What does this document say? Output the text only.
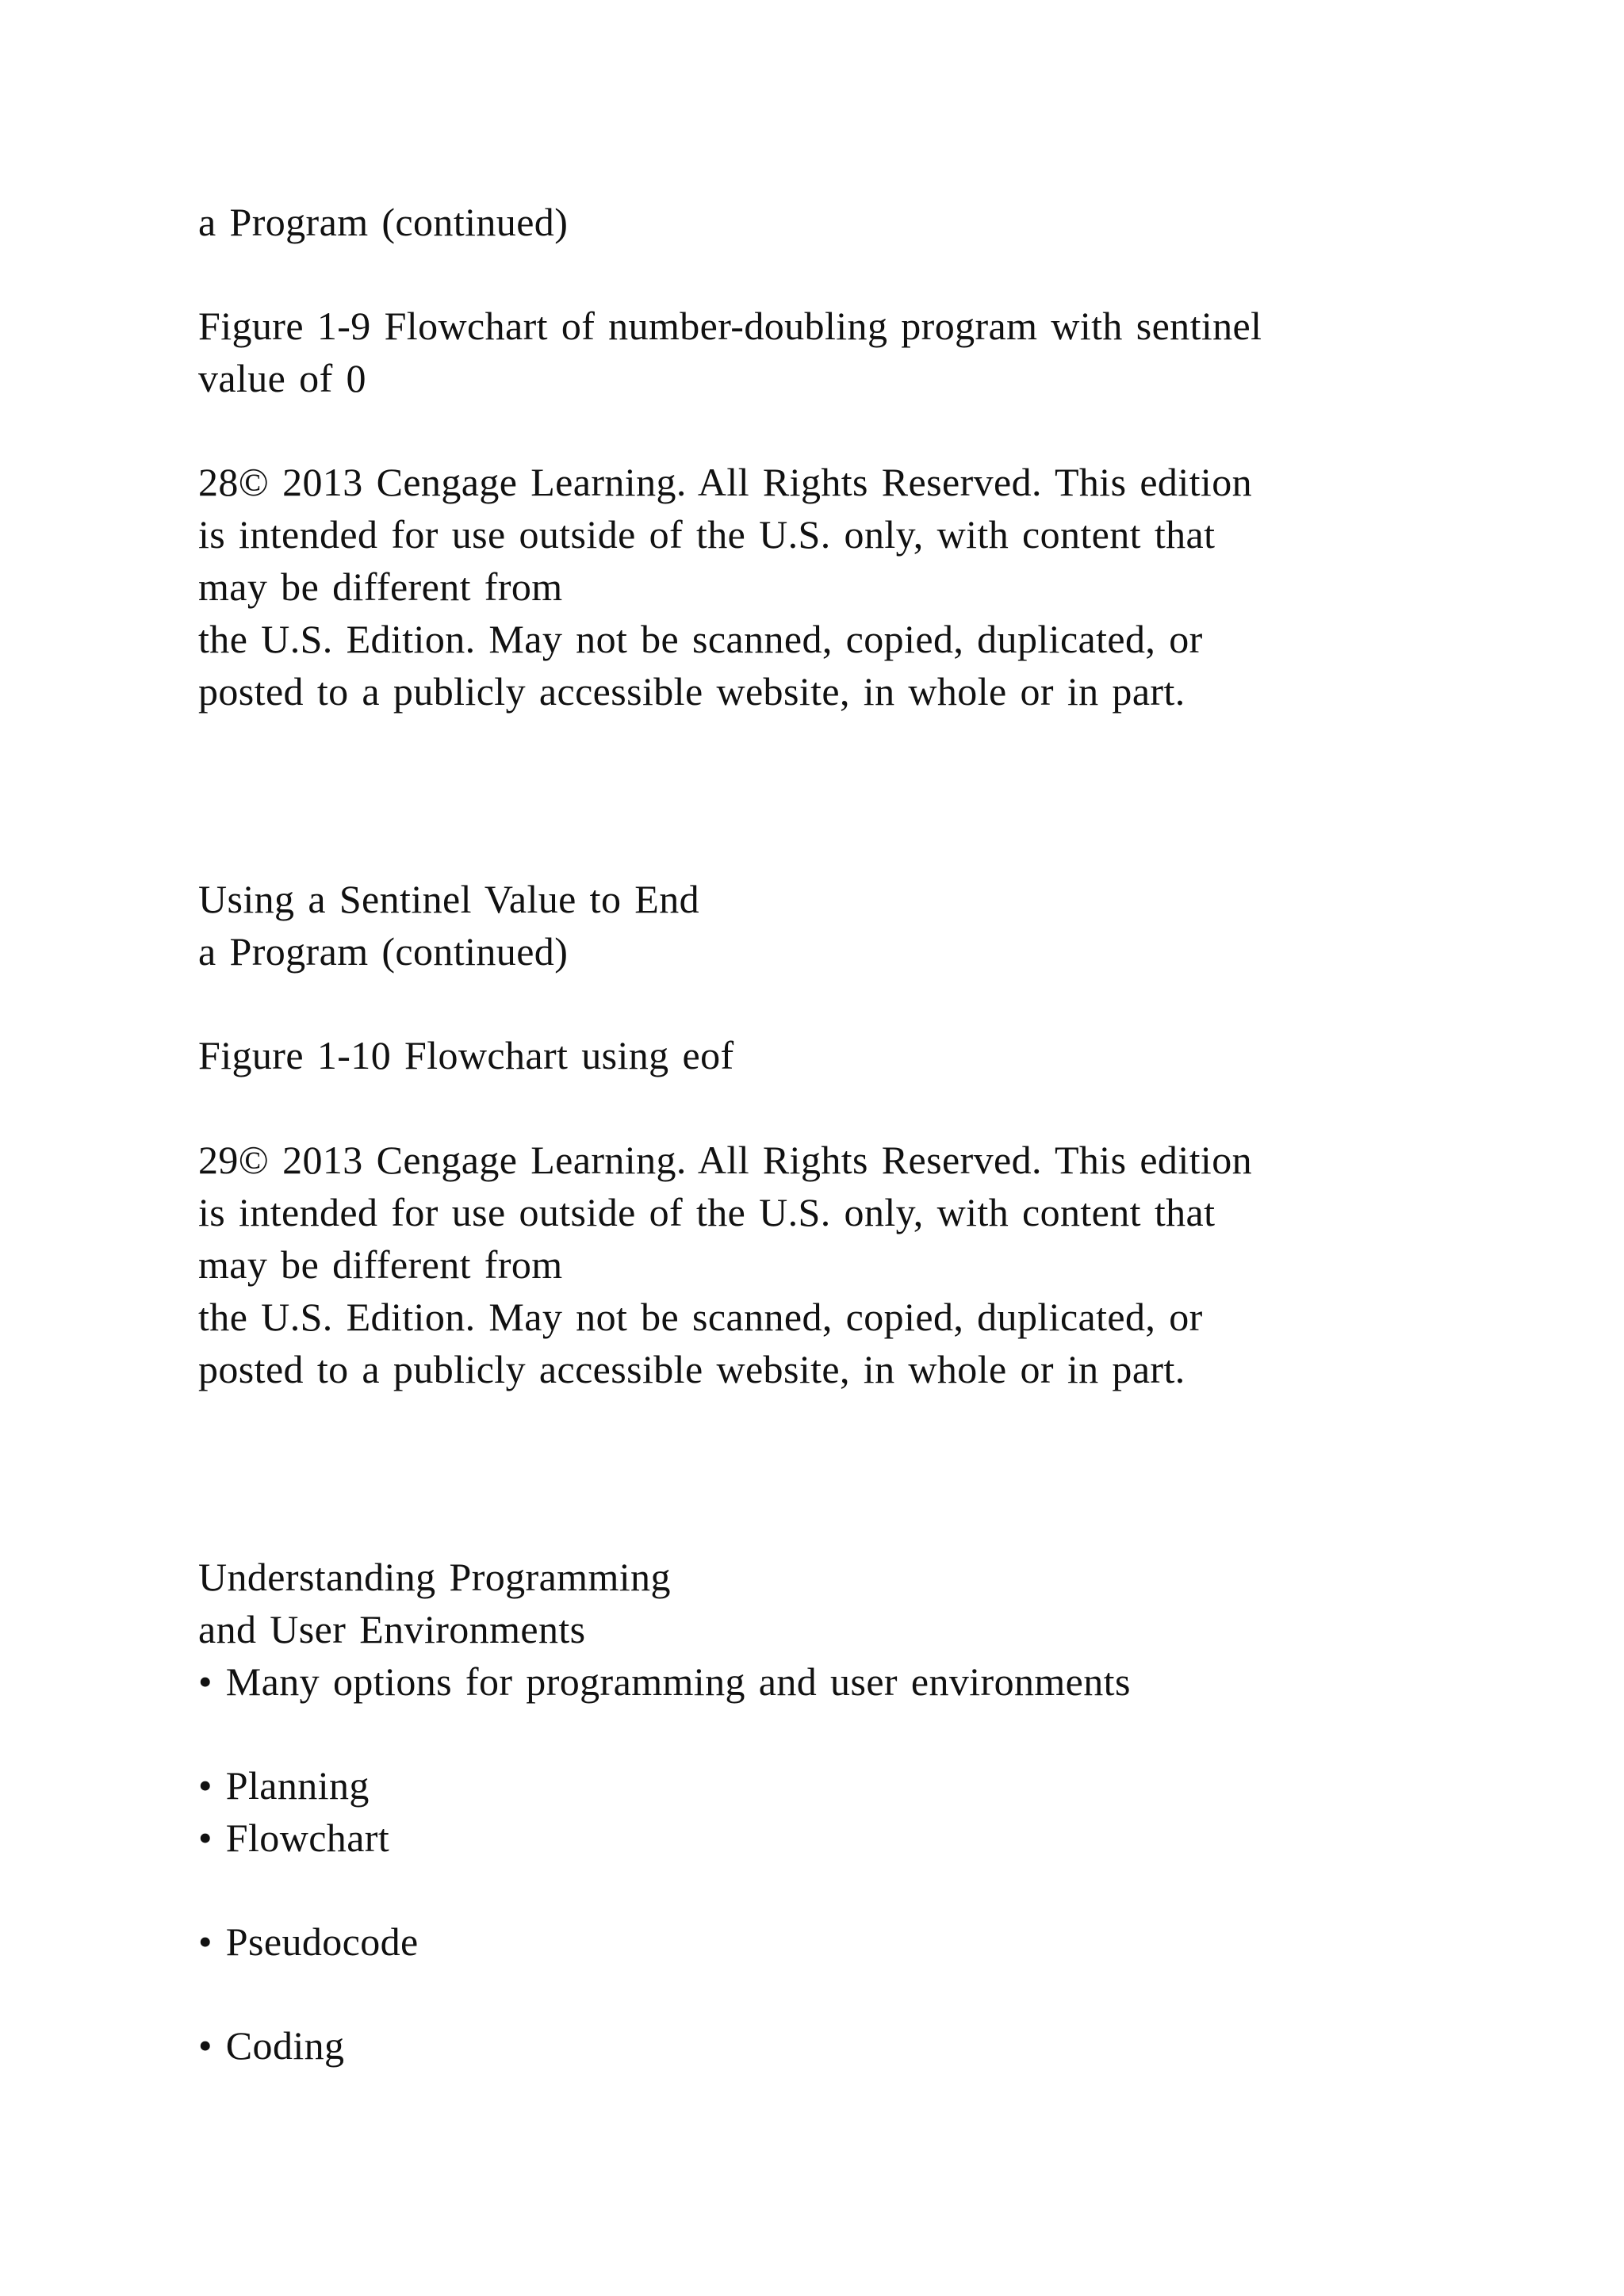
a Program (continued)
Figure 1-9 Flowchart of number-doubling program with sentinel
value of 0
28© 2013 Cengage Learning. All Rights Reserved. This edition
is intended for use outside of the U.S. only, with content that
may be different from
the U.S. Edition. May not be scanned, copied, duplicated, or
posted to a publicly accessible website, in whole or in part.
Using a Sentinel Value to End
a Program (continued)
Figure 1-10 Flowchart using eof
29© 2013 Cengage Learning. All Rights Reserved. This edition
is intended for use outside of the U.S. only, with content that
may be different from
the U.S. Edition. May not be scanned, copied, duplicated, or
posted to a publicly accessible website, in whole or in part.
Understanding Programming
and User Environments
• Many options for programming and user environments
• Planning
• Flowchart
• Pseudocode
• Coding
